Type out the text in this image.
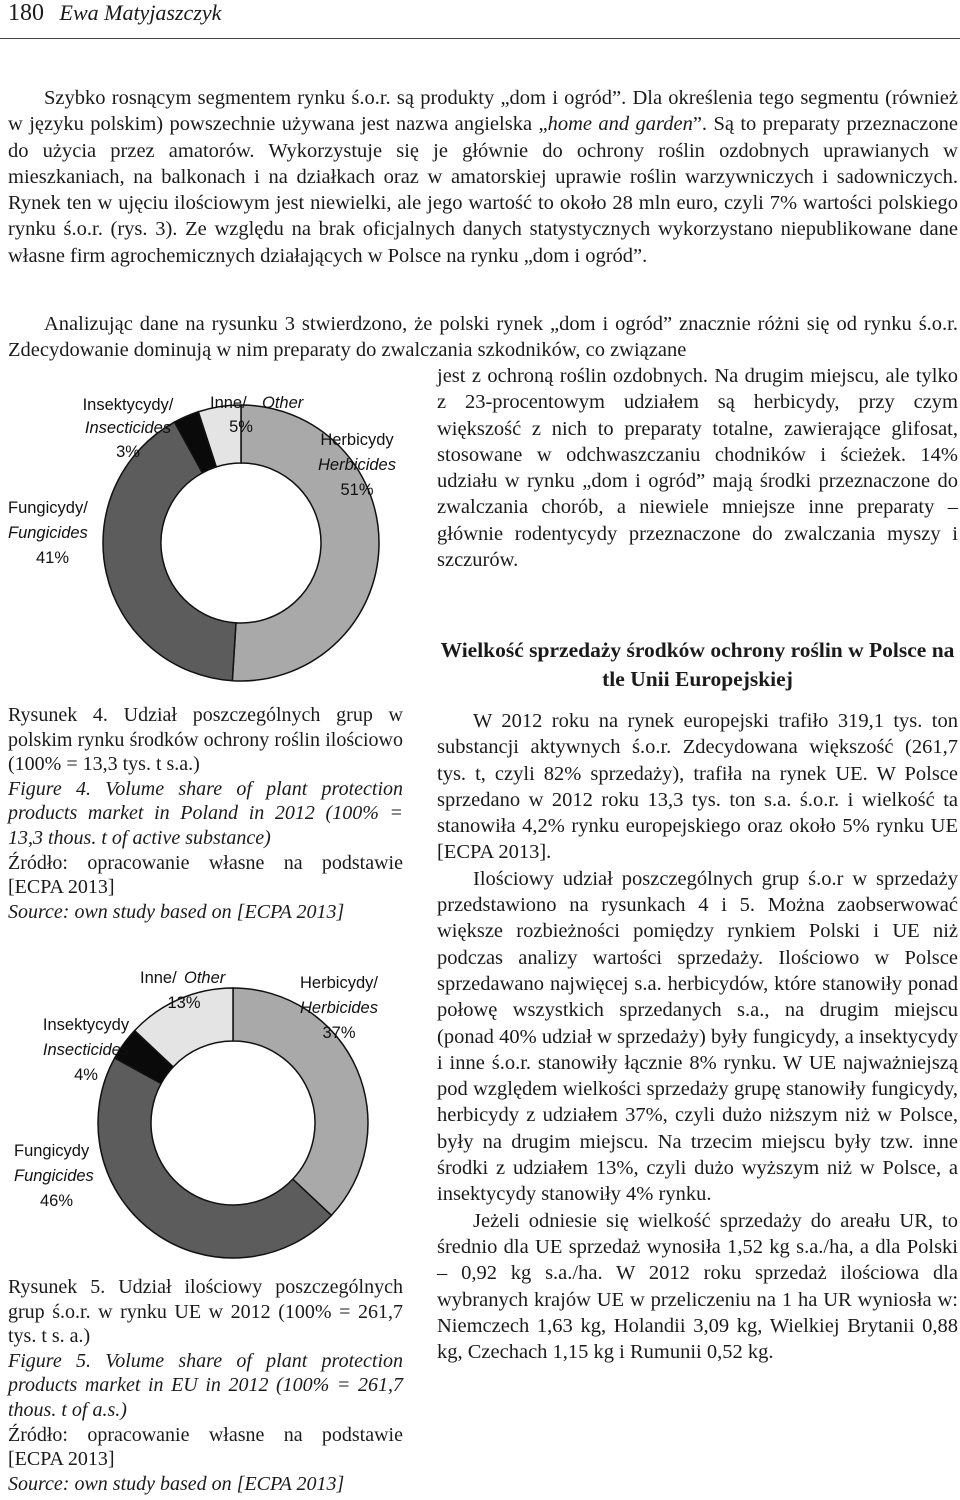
180 Ewa Matyjaszczyk

Szybko rosnącym segmentem rynku ś.o.r. są produkty „dom i ogród”. Dla określenia tego segmentu (również w języku polskim) powszechnie używana jest nazwa angielska „home and garden”. Są to preparaty przeznaczone do użycia przez amatorów. Wykorzystuje się je głównie do ochrony roślin ozdobnych uprawianych w mieszkaniach, na balkonach i na działkach oraz w amatorskiej uprawie roślin warzywniczych i sadowniczych. Rynek ten w ujęciu ilościowym jest niewielki, ale jego wartość to około 28 mln euro, czyli 7% wartości polskiego rynku ś.o.r. (rys. 3). Ze względu na brak oficjalnych danych statystycznych wykorzystano niepublikowane dane własne firm agrochemicznych działających w Polsce na rynku „dom i ogród”.

Analizując dane na rysunku 3 stwierdzono, że polski rynek „dom i ogród” znacznie różni się od rynku ś.o.r. Zdecydowanie dominują w nim preparaty do zwalczania szkodników, co związane

jest z ochroną roślin ozdobnych. Na drugim miejscu, ale tylko z 23-procentowym udziałem są herbicydy, przy czym większość z nich to preparaty totalne, zawierające glifosat, stosowane w odchwaszczaniu chodników i ścieżek. 14% udziału w rynku „dom i ogród” mają środki przeznaczone do zwalczania chorób, a niewiele mniejsze inne preparaty – głównie rodentycydy przeznaczone do zwalczania myszy i szczurów.

Wielkość sprzedaży środków ochrony roślin w Polsce na tle Unii Europejskiej

W 2012 roku na rynek europejski trafiło 319,1 tys. ton substancji aktywnych ś.o.r. Zdecydowana większość (261,7 tys. t, czyli 82% sprzedaży), trafiła na rynek UE. W Polsce sprzedano w 2012 roku 13,3 tys. ton s.a. ś.o.r. i wielkość ta stanowiła 4,2% rynku europejskiego oraz około 5% rynku UE [ECPA 2013].

Ilościowy udział poszczególnych grup ś.o.r w sprzedaży przedstawiono na rysunkach 4 i 5. Można zaobserwować większe rozbieżności pomiędzy rynkiem Polski i UE niż podczas analizy wartości sprzedaży. Ilościowo w Polsce sprzedawano najwięcej s.a. herbicydów, które stanowiły ponad połowę wszystkich sprzedanych s.a., na drugim miejscu (ponad 40% udział w sprzedaży) były fungicydy, a insektycydy i inne ś.o.r. stanowiły łącznie 8% rynku. W UE najważniejszą pod względem wielkości sprzedaży grupę stanowiły fungicydy, herbicydy z udziałem 37%, czyli dużo niższym niż w Polsce, były na drugim miejscu. Na trzecim miejscu były tzw. inne środki z udziałem 13%, czyli dużo wyższym niż w Polsce, a insektycydy stanowiły 4% rynku.

Jeżeli odniesie się wielkość sprzedaży do areału UR, to średnio dla UE sprzedaż wynosiła 1,52 kg s.a./ha, a dla Polski – 0,92 kg s.a./ha. W 2012 roku sprzedaż ilościowa dla wybranych krajów UE w przeliczeniu na 1 ha UR wyniosła w: Niemczech 1,63 kg, Holandii 3,09 kg, Wielkiej Brytanii 0,88 kg, Czechach 1,15 kg i Rumunii 0,52 kg.

Insektycydy/
Insecticides
3%
Inne/ Other
5%
Herbicydy
Herbicides
51%
Fungicydy/
Fungicides
41%
Rysunek 4. Udział poszczególnych grup w polskim rynku środków ochrony roślin ilościowo (100% = 13,3 tys. t s.a.)
Figure 4. Volume share of plant protection products market in Poland in 2012 (100% = 13,3 thous. t of active substance)
Źródło: opracowanie własne na podstawie [ECPA 2013]
Source: own study based on [ECPA 2013]
Inne/ Other
13%
Herbicydy/
Herbicides
37%
Insektycydy
Insecticides
4%
Fungicydy
Fungicides
46%
Rysunek 5. Udział ilościowy poszczególnych grup ś.o.r. w rynku UE w 2012 (100% = 261,7 tys. t s. a.)
Figure 5. Volume share of plant protection products market in EU in 2012 (100% = 261,7 thous. t of a.s.)
Źródło: opracowanie własne na podstawie [ECPA 2013]
Source: own study based on [ECPA 2013]
